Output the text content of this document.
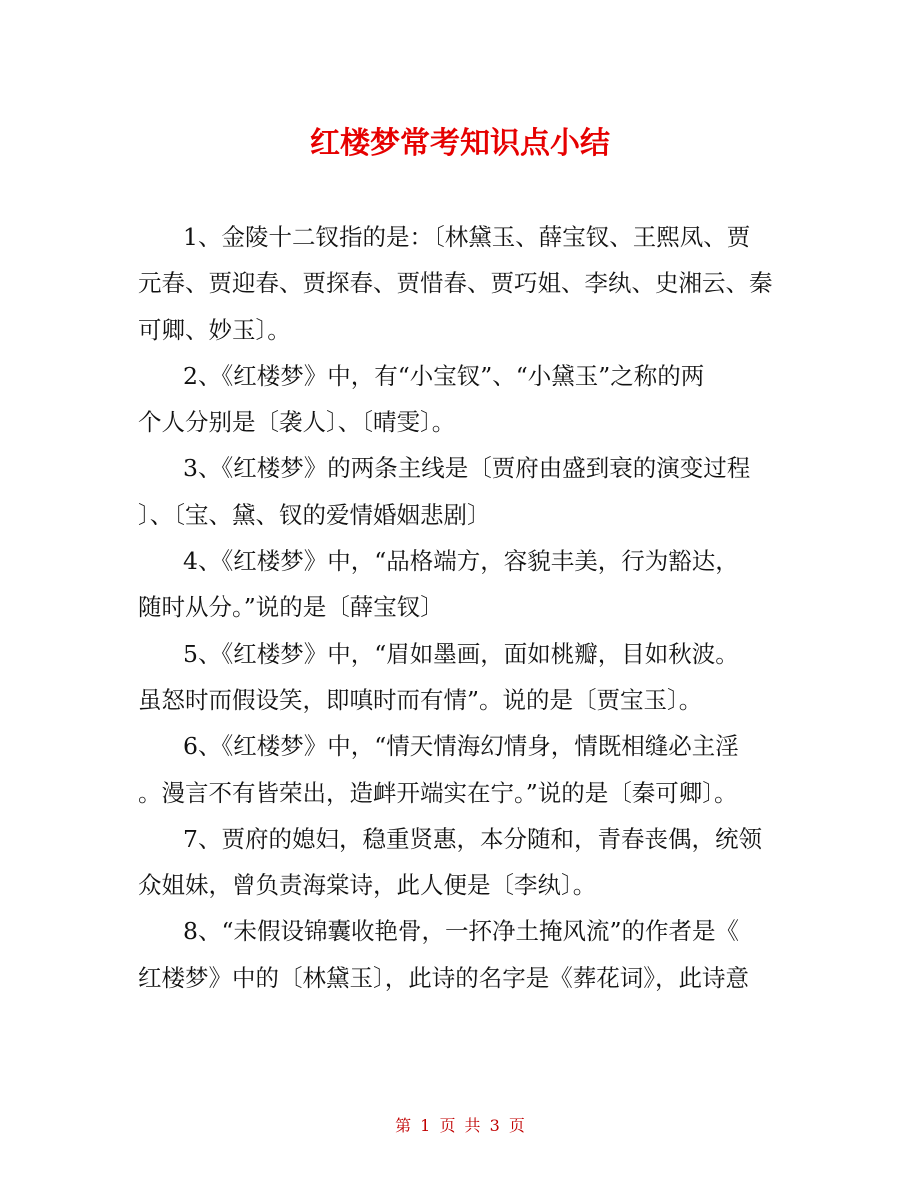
红楼梦常考知识点小结
1、金陵十二钗指的是：〔林黛玉、薛宝钗、王熙凤、贾
元春、贾迎春、贾探春、贾惜春、贾巧姐、李纨、史湘云、秦
可卿、妙玉〕。
2、《红楼梦》中，有“小宝钗”、“小黛玉”之称的两
个人分别是〔袭人〕、〔晴雯〕。
3、《红楼梦》的两条主线是〔贾府由盛到衰的演变过程
〕、〔宝、黛、钗的爱情婚姻悲剧〕
4、《红楼梦》中，“品格端方，容貌丰美，行为豁达，
随时从分。”说的是〔薛宝钗〕
5、《红楼梦》中，“眉如墨画，面如桃瓣，目如秋波。
虽怒时而假设笑，即嗔时而有情”。说的是〔贾宝玉〕。
6、《红楼梦》中，“情天情海幻情身，情既相缝必主淫
。漫言不有皆荣出，造衅开端实在宁。”说的是〔秦可卿〕。
7、贾府的媳妇，稳重贤惠，本分随和，青春丧偶，统领
众姐妹，曾负责海棠诗，此人便是〔李纨〕。
8、“未假设锦囊收艳骨，一抔净土掩风流”的作者是《
红楼梦》中的〔林黛玉〕，此诗的名字是《葬花词》，此诗意
第 1 页 共 3 页
